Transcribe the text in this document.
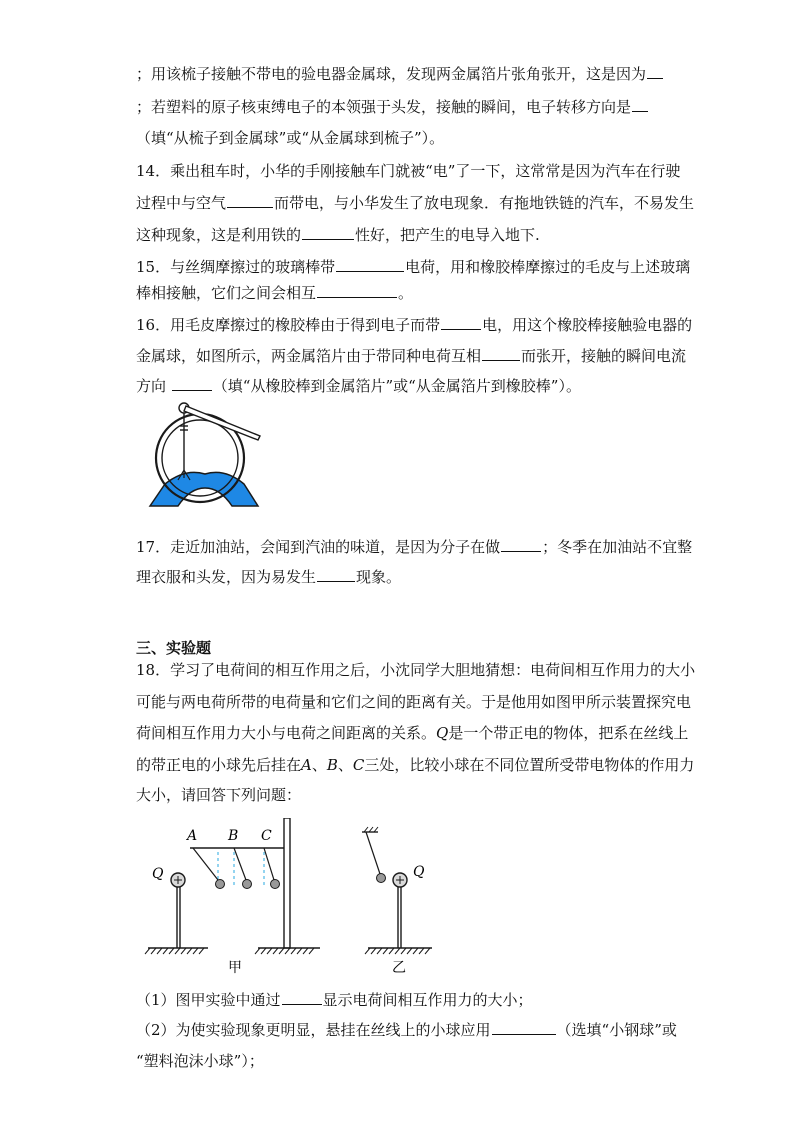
；用该梳子接触不带电的验电器金属球，发现两金属箔片张角张开，这是因为
；若塑料的原子核束缚电子的本领强于头发，接触的瞬间，电子转移方向是
（填“从梳子到金属球”或“从金属球到梳子”）。
14．乘出租车时，小华的手刚接触车门就被“电”了一下，这常常是因为汽车在行驶
过程中与空气	而带电，与小华发生了放电现象．有拖地铁链的汽车，不易发生
这种现象，这是利用铁的	性好，把产生的电导入地下.
15．与丝绸摩擦过的玻璃棒带	电荷，用和橡胶棒摩擦过的毛皮与上述玻璃
棒相接触，它们之间会相互	。
16．用毛皮摩擦过的橡胶棒由于得到电子而带	电，用这个橡胶棒接触验电器的
金属球，如图所示，两金属箔片由于带同种电荷互相	而张开，接触的瞬间电流
方向	（填“从橡胶棒到金属箔片”或“从金属箔片到橡胶棒”）。
17．走近加油站，会闻到汽油的味道，是因为分子在做	；冬季在加油站不宜整
理衣服和头发，因为易发生	现象。
三、实验题
18．学习了电荷间的相互作用之后，小沈同学大胆地猜想：电荷间相互作用力的大小
可能与两电荷所带的电荷量和它们之间的距离有关。于是他用如图甲所示装置探究电
荷间相互作用力大小与电荷之间距离的关系。Q是一个带正电的物体，把系在丝线上
的带正电的小球先后挂在A、B、C三处，比较小球在不同位置所受带电物体的作用力
大小，请回答下列问题：
Q
A B C
甲
Q
乙
（1）图甲实验中通过	显示电荷间相互作用力的大小；
（2）为使实验现象更明显，悬挂在丝线上的小球应用	（选填“小钢球”或
“塑料泡沫小球”）；
